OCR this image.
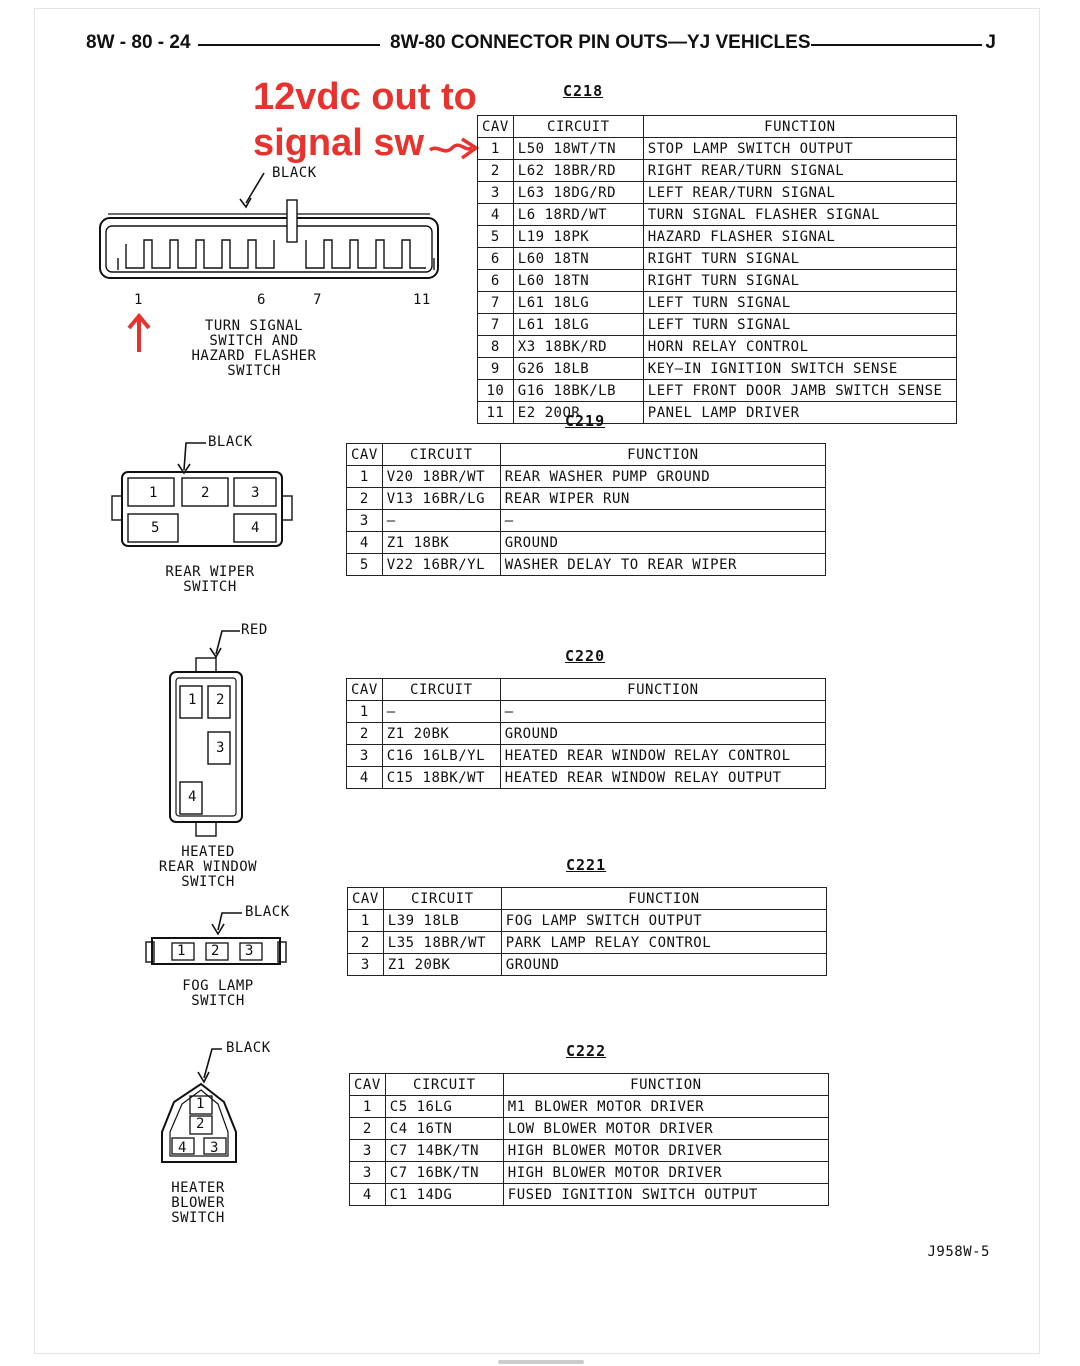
8W - 80 - 24	8W-80 CONNECTOR PIN OUTS—YJ VEHICLES	J
12vdc out to
signal sw
C218
BLACK
1	6	7	11
TURN SIGNAL
SWITCH AND
HAZARD FLASHER
SWITCH
CAV	CIRCUIT	FUNCTION
1	L50 18WT/TN	STOP LAMP SWITCH OUTPUT
2	L62 18BR/RD	RIGHT REAR/TURN SIGNAL
3	L63 18DG/RD	LEFT REAR/TURN SIGNAL
4	L6 18RD/WT	TURN SIGNAL FLASHER SIGNAL
5	L19 18PK	HAZARD FLASHER SIGNAL
6	L60 18TN	RIGHT TURN SIGNAL
6	L60 18TN	RIGHT TURN SIGNAL
7	L61 18LG	LEFT TURN SIGNAL
7	L61 18LG	LEFT TURN SIGNAL
8	X3 18BK/RD	HORN RELAY CONTROL
9	G26 18LB	KEY—IN IGNITION SWITCH SENSE
10	G16 18BK/LB	LEFT FRONT DOOR JAMB SWITCH SENSE
11	E2 20OR	PANEL LAMP DRIVER
C219
BLACK
1	2	3
5	4
REAR WIPER
SWITCH
CAV	CIRCUIT	FUNCTION
1	V20 18BR/WT	REAR WASHER PUMP GROUND
2	V13 16BR/LG	REAR WIPER RUN
3	—	—
4	Z1 18BK	GROUND
5	V22 16BR/YL	WASHER DELAY TO REAR WIPER
C220
RED
1 2
3
4
HEATED
REAR WINDOW
SWITCH
CAV	CIRCUIT	FUNCTION
1	—	—
2	Z1 20BK	GROUND
3	C16 16LB/YL	HEATED REAR WINDOW RELAY CONTROL
4	C15 18BK/WT	HEATED REAR WINDOW RELAY OUTPUT
C221
BLACK
1 2 3
FOG LAMP
SWITCH
CAV	CIRCUIT	FUNCTION
1	L39 18LB	FOG LAMP SWITCH OUTPUT
2	L35 18BR/WT	PARK LAMP RELAY CONTROL
3	Z1 20BK	GROUND
C222
BLACK
1
2
4 3
HEATER
BLOWER
SWITCH
CAV	CIRCUIT	FUNCTION
1	C5 16LG	M1 BLOWER MOTOR DRIVER
2	C4 16TN	LOW BLOWER MOTOR DRIVER
3	C7 14BK/TN	HIGH BLOWER MOTOR DRIVER
3	C7 16BK/TN	HIGH BLOWER MOTOR DRIVER
4	C1 14DG	FUSED IGNITION SWITCH OUTPUT
J958W-5
